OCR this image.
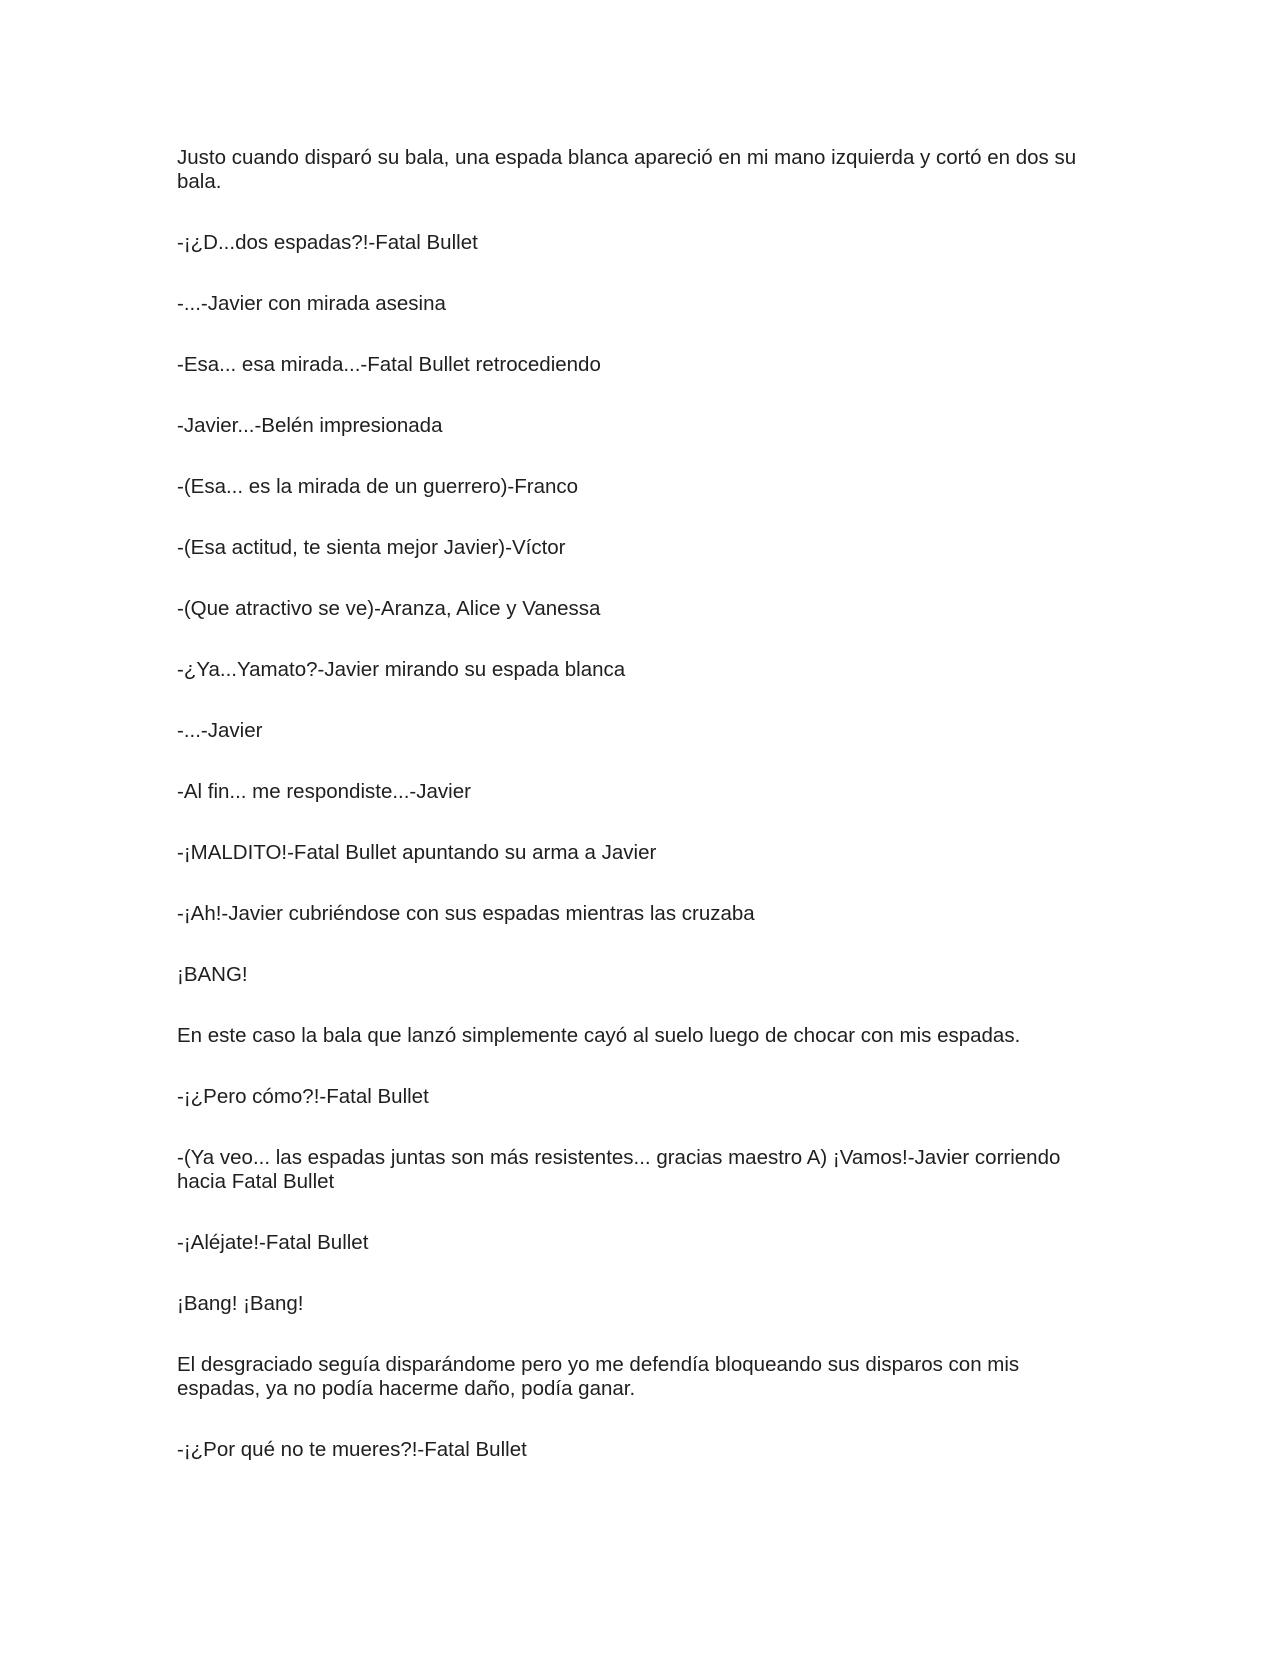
Justo cuando disparó su bala, una espada blanca apareció en mi mano izquierda y cortó en dos su bala.

-¡¿D...dos espadas?!-Fatal Bullet

-...-Javier con mirada asesina

-Esa... esa mirada...-Fatal Bullet retrocediendo

-Javier...-Belén impresionada

-(Esa... es la mirada de un guerrero)-Franco

-(Esa actitud, te sienta mejor Javier)-Víctor

-(Que atractivo se ve)-Aranza, Alice y Vanessa

-¿Ya...Yamato?-Javier mirando su espada blanca

-...-Javier

-Al fin... me respondiste...-Javier

-¡MALDITO!-Fatal Bullet apuntando su arma a Javier

-¡Ah!-Javier cubriéndose con sus espadas mientras las cruzaba

¡BANG!

En este caso la bala que lanzó simplemente cayó al suelo luego de chocar con mis espadas.

-¡¿Pero cómo?!-Fatal Bullet

-(Ya veo... las espadas juntas son más resistentes... gracias maestro A) ¡Vamos!-Javier corriendo hacia Fatal Bullet

-¡Aléjate!-Fatal Bullet

¡Bang! ¡Bang!

El desgraciado seguía disparándome pero yo me defendía bloqueando sus disparos con mis espadas, ya no podía hacerme daño, podía ganar.

-¡¿Por qué no te mueres?!-Fatal Bullet
